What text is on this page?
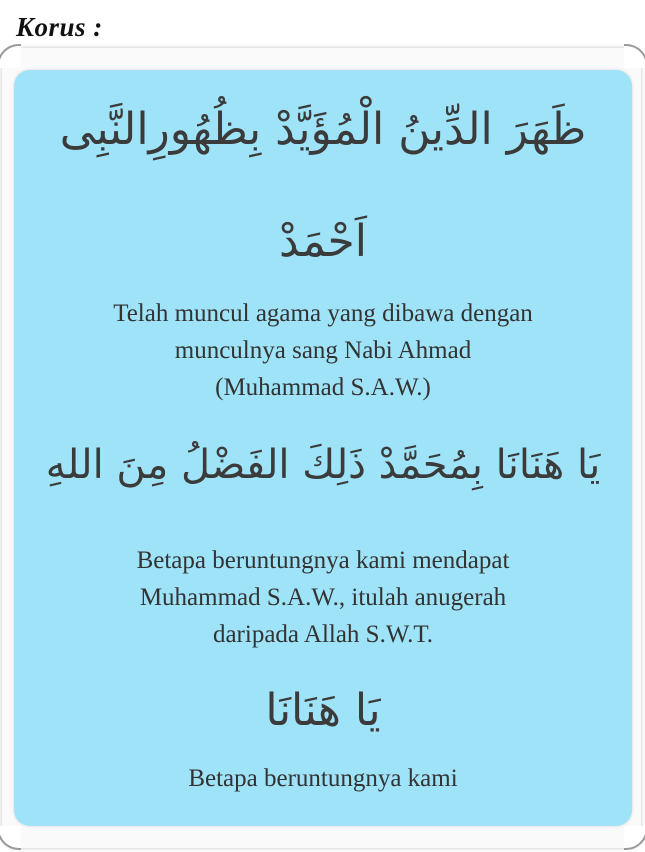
Korus :
ظَهَرَ الدِّينُ الْمُؤَيَّدْ بِظُهُورِالنَّبِى
اَحْمَدْ
Telah muncul agama yang dibawa dengan
munculnya sang Nabi Ahmad
(Muhammad S.A.W.)
يَا هَنَانَا بِمُحَمَّدْ ذَلِكَ الفَضْلُ مِنَ اللهِ
Betapa beruntungnya kami mendapat
Muhammad S.A.W., itulah anugerah
daripada Allah S.W.T.
يَا هَنَانَا
Betapa beruntungnya kami
